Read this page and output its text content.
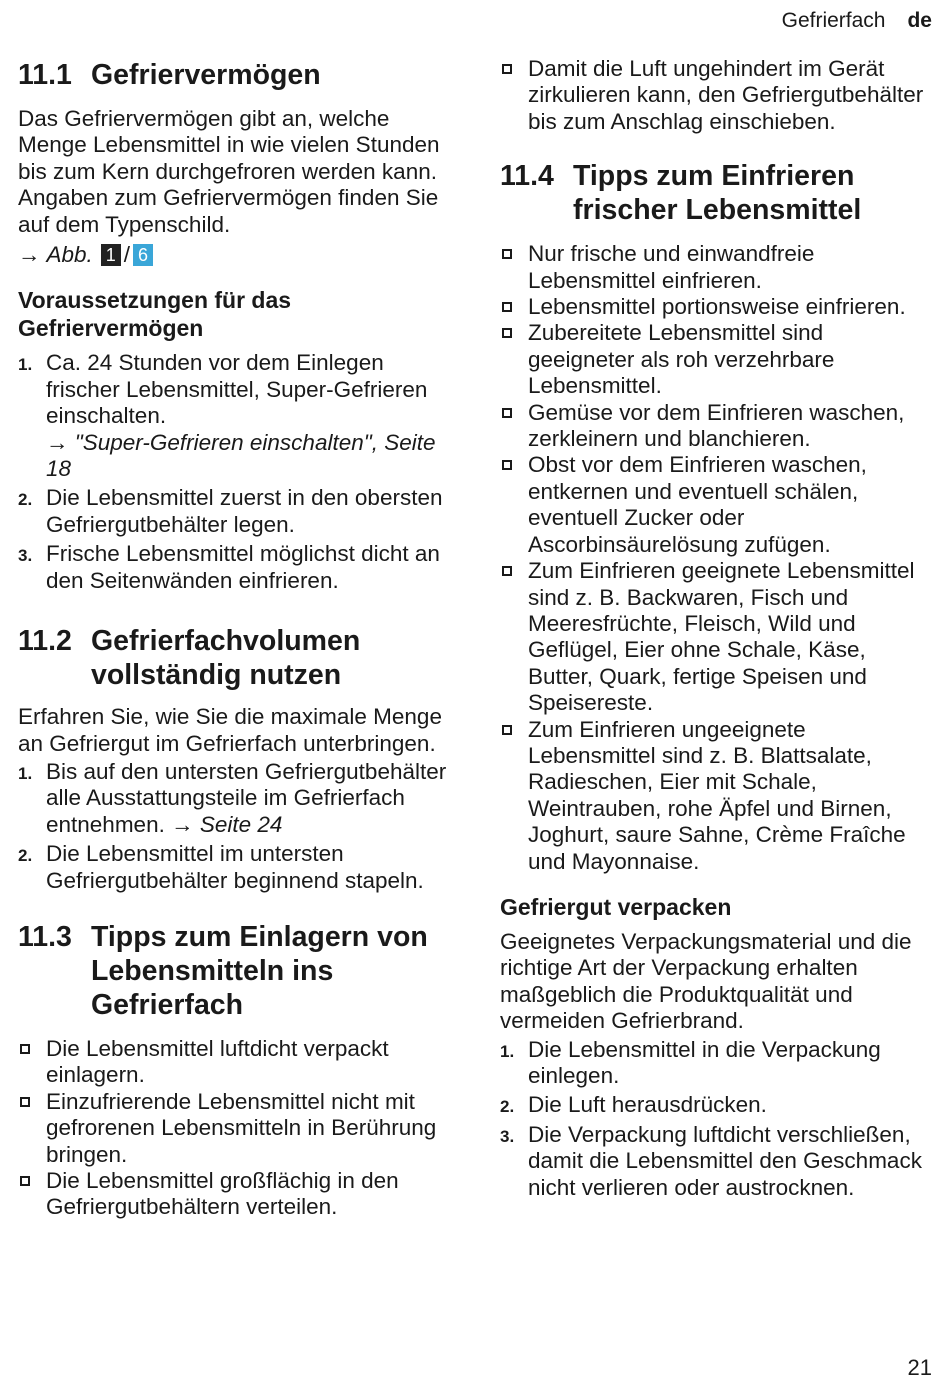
Gefrierfach de
11.1 Gefriervermögen

Das Gefriervermögen gibt an, welche Menge Lebensmittel in wie vielen Stunden bis zum Kern durchgefroren werden kann.

Angaben zum Gefriervermögen finden Sie auf dem Typenschild.

→ Abb. 1 / 6
Voraussetzungen für das Gefriervermögen
1. Ca. 24 Stunden vor dem Einlegen frischer Lebensmittel, Super-Gefrieren einschalten.
→ "Super-Gefrieren einschalten", Seite 18
2. Die Lebensmittel zuerst in den obersten Gefriergutbehälter legen.
3. Frische Lebensmittel möglichst dicht an den Seitenwänden einfrieren.
11.2 Gefrierfachvolumen vollständig nutzen

Erfahren Sie, wie Sie die maximale Menge an Gefriergut im Gefrierfach unterbringen.

1. Bis auf den untersten Gefriergutbehälter alle Ausstattungsteile im Gefrierfach entnehmen. → Seite 24
2. Die Lebensmittel im untersten Gefriergutbehälter beginnend stapeln.
11.3 Tipps zum Einlagern von Lebensmitteln ins Gefrierfach
Die Lebensmittel luftdicht verpackt einlagern.
Einzufrierende Lebensmittel nicht mit gefrorenen Lebensmitteln in Berührung bringen.
Die Lebensmittel großflächig in den Gefriergutbehältern verteilen.
Damit die Luft ungehindert im Gerät zirkulieren kann, den Gefriergutbehälter bis zum Anschlag einschieben.
11.4 Tipps zum Einfrieren frischer Lebensmittel
Nur frische und einwandfreie Lebensmittel einfrieren.
Lebensmittel portionsweise einfrieren.
Zubereitete Lebensmittel sind geeigneter als roh verzehrbare Lebensmittel.
Gemüse vor dem Einfrieren waschen, zerkleinern und blanchieren.
Obst vor dem Einfrieren waschen, entkernen und eventuell schälen, eventuell Zucker oder Ascorbinsäurelösung zufügen.
Zum Einfrieren geeignete Lebensmittel sind z. B. Backwaren, Fisch und Meeresfrüchte, Fleisch, Wild und Geflügel, Eier ohne Schale, Käse, Butter, Quark, fertige Speisen und Speisereste.
Zum Einfrieren ungeeignete Lebensmittel sind z. B. Blattsalate, Radieschen, Eier mit Schale, Weintrauben, rohe Äpfel und Birnen, Joghurt, saure Sahne, Crème Fraîche und Mayonnaise.
Gefriergut verpacken

Geeignetes Verpackungsmaterial und die richtige Art der Verpackung erhalten maßgeblich die Produktqualität und vermeiden Gefrierbrand.

1. Die Lebensmittel in die Verpackung einlegen.
2. Die Luft herausdrücken.
3. Die Verpackung luftdicht verschließen, damit die Lebensmittel den Geschmack nicht verlieren oder austrocknen.
21
